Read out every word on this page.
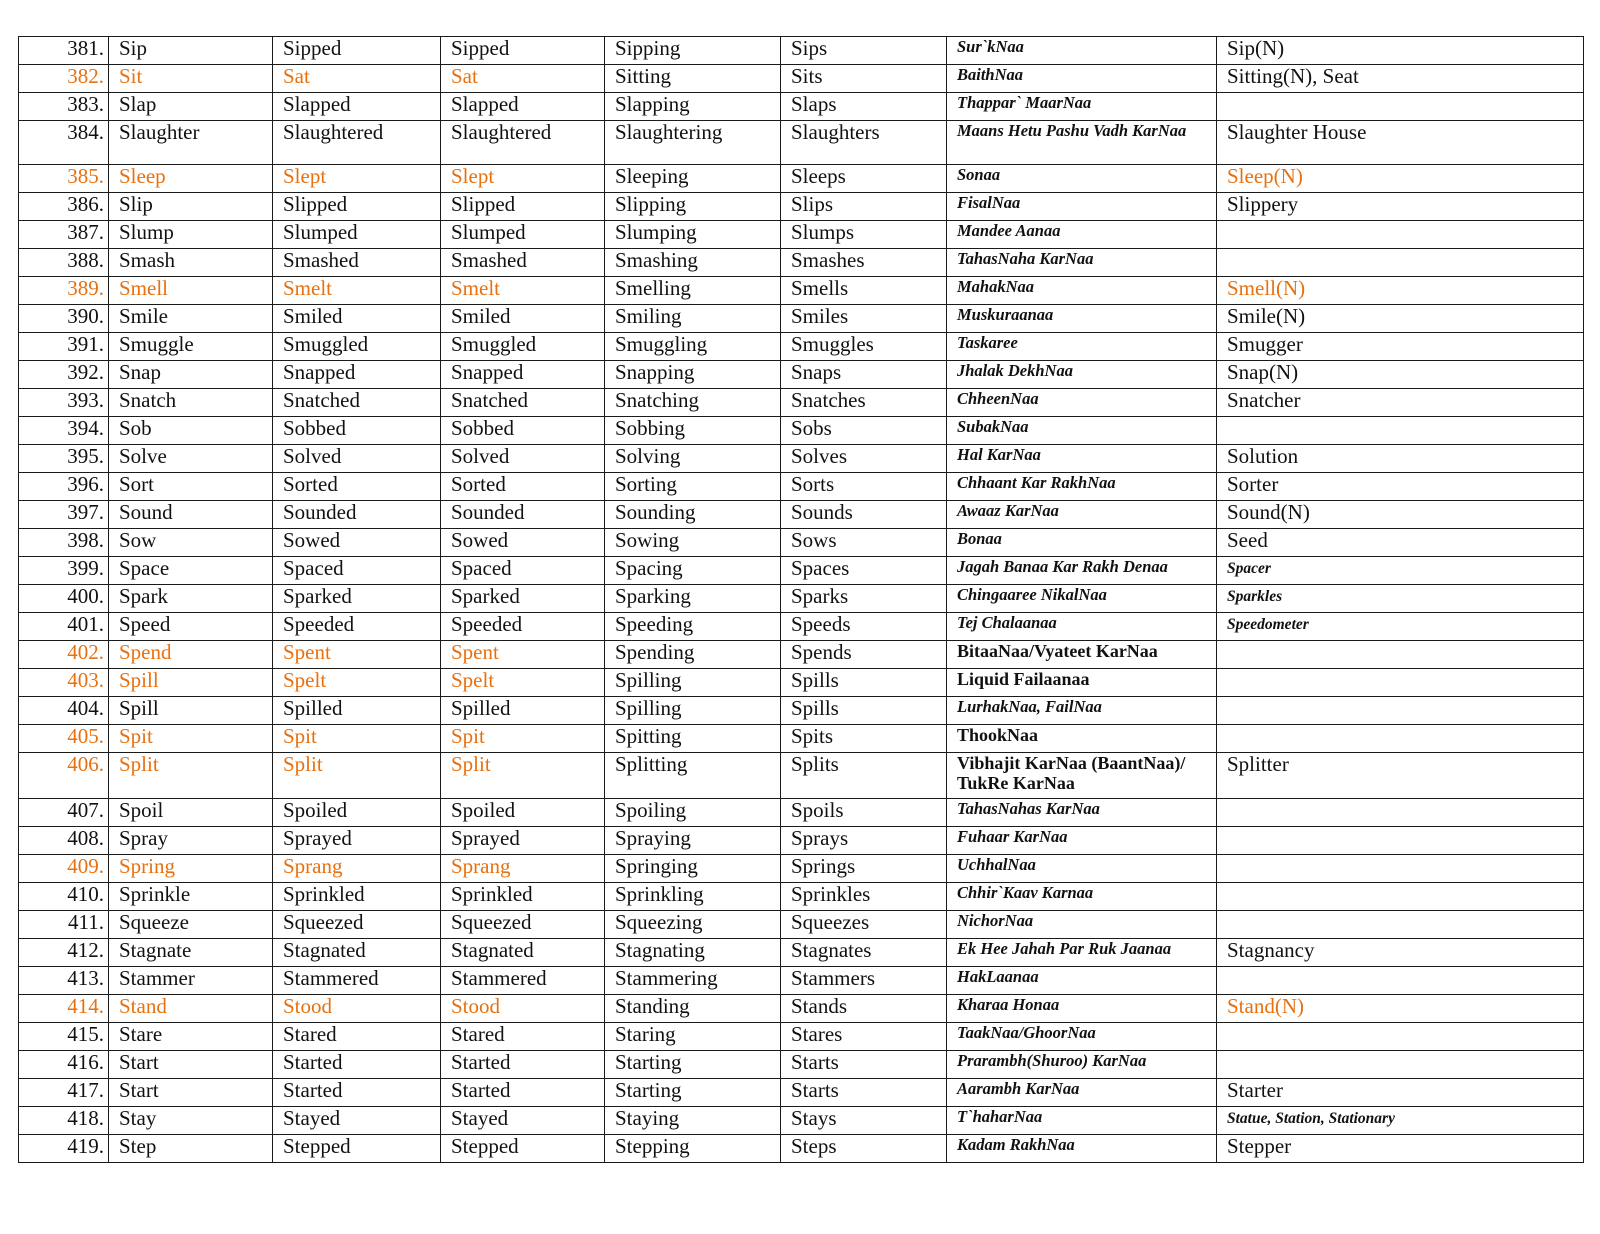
381.	Sip	Sipped	Sipped	Sipping	Sips	Sur`kNaa	Sip(N)
382.	Sit	Sat	Sat	Sitting	Sits	BaithNaa	Sitting(N), Seat
383.	Slap	Slapped	Slapped	Slapping	Slaps	Thappar` MaarNaa	
384.	Slaughter	Slaughtered	Slaughtered	Slaughtering	Slaughters	Maans Hetu Pashu Vadh KarNaa	Slaughter House
385.	Sleep	Slept	Slept	Sleeping	Sleeps	Sonaa	Sleep(N)
386.	Slip	Slipped	Slipped	Slipping	Slips	FisalNaa	Slippery
387.	Slump	Slumped	Slumped	Slumping	Slumps	Mandee Aanaa	
388.	Smash	Smashed	Smashed	Smashing	Smashes	TahasNaha KarNaa	
389.	Smell	Smelt	Smelt	Smelling	Smells	MahakNaa	Smell(N)
390.	Smile	Smiled	Smiled	Smiling	Smiles	Muskuraanaa	Smile(N)
391.	Smuggle	Smuggled	Smuggled	Smuggling	Smuggles	Taskaree	Smugger
392.	Snap	Snapped	Snapped	Snapping	Snaps	Jhalak DekhNaa	Snap(N)
393.	Snatch	Snatched	Snatched	Snatching	Snatches	ChheenNaa	Snatcher
394.	Sob	Sobbed	Sobbed	Sobbing	Sobs	SubakNaa	
395.	Solve	Solved	Solved	Solving	Solves	Hal KarNaa	Solution
396.	Sort	Sorted	Sorted	Sorting	Sorts	Chhaant Kar RakhNaa	Sorter
397.	Sound	Sounded	Sounded	Sounding	Sounds	Awaaz KarNaa	Sound(N)
398.	Sow	Sowed	Sowed	Sowing	Sows	Bonaa	Seed
399.	Space	Spaced	Spaced	Spacing	Spaces	Jagah Banaa Kar Rakh Denaa	Spacer
400.	Spark	Sparked	Sparked	Sparking	Sparks	Chingaaree NikalNaa	Sparkles
401.	Speed	Speeded	Speeded	Speeding	Speeds	Tej Chalaanaa	Speedometer
402.	Spend	Spent	Spent	Spending	Spends	BitaaNaa/Vyateet KarNaa	
403.	Spill	Spelt	Spelt	Spilling	Spills	Liquid Failaanaa	
404.	Spill	Spilled	Spilled	Spilling	Spills	LurhakNaa, FailNaa	
405.	Spit	Spit	Spit	Spitting	Spits	ThookNaa	
406.	Split	Split	Split	Splitting	Splits	Vibhajit KarNaa (BaantNaa)/ TukRe KarNaa	Splitter
407.	Spoil	Spoiled	Spoiled	Spoiling	Spoils	TahasNahas KarNaa	
408.	Spray	Sprayed	Sprayed	Spraying	Sprays	Fuhaar KarNaa	
409.	Spring	Sprang	Sprang	Springing	Springs	UchhalNaa	
410.	Sprinkle	Sprinkled	Sprinkled	Sprinkling	Sprinkles	Chhir`Kaav Karnaa	
411.	Squeeze	Squeezed	Squeezed	Squeezing	Squeezes	NichorNaa	
412.	Stagnate	Stagnated	Stagnated	Stagnating	Stagnates	Ek Hee Jahah Par Ruk Jaanaa	Stagnancy
413.	Stammer	Stammered	Stammered	Stammering	Stammers	HakLaanaa	
414.	Stand	Stood	Stood	Standing	Stands	Kharaa Honaa	Stand(N)
415.	Stare	Stared	Stared	Staring	Stares	TaakNaa/GhoorNaa	
416.	Start	Started	Started	Starting	Starts	Prarambh(Shuroo) KarNaa	
417.	Start	Started	Started	Starting	Starts	Aarambh KarNaa	Starter
418.	Stay	Stayed	Stayed	Staying	Stays	T`haharNaa	Statue, Station, Stationary
419.	Step	Stepped	Stepped	Stepping	Steps	Kadam RakhNaa	Stepper
